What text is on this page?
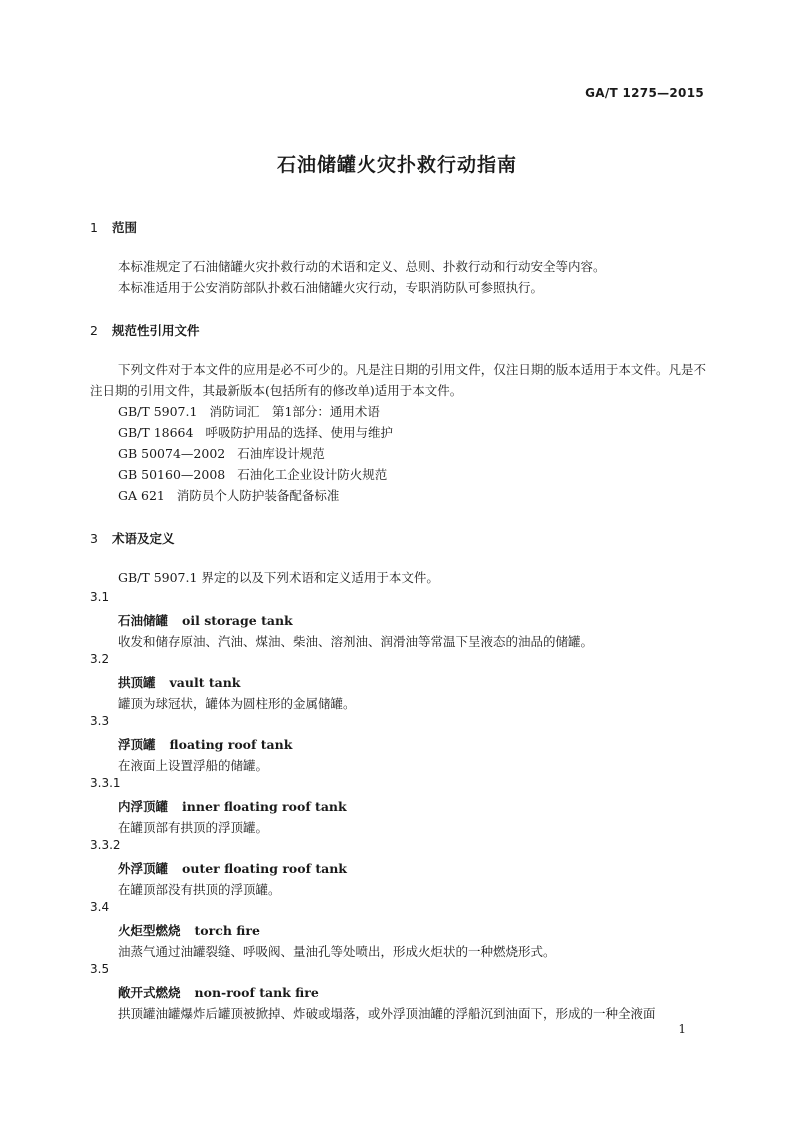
GA/T 1275—2015
石油储罐火灾扑救行动指南
1 范围
本标准规定了石油储罐火灾扑救行动的术语和定义、总则、扑救行动和行动安全等内容。
本标准适用于公安消防部队扑救石油储罐火灾行动，专职消防队可参照执行。
2 规范性引用文件
下列文件对于本文件的应用是必不可少的。凡是注日期的引用文件，仅注日期的版本适用于本文件。凡是不注日期的引用文件，其最新版本(包括所有的修改单)适用于本文件。
GB/T 5907.1 消防词汇　第1部分：通用术语
GB/T 18664 呼吸防护用品的选择、使用与维护
GB 50074—2002 石油库设计规范
GB 50160—2008 石油化工企业设计防火规范
GA 621 消防员个人防护装备配备标准
3 术语及定义
GB/T 5907.1 界定的以及下列术语和定义适用于本文件。
3.1
石油储罐 oil storage tank
收发和储存原油、汽油、煤油、柴油、溶剂油、润滑油等常温下呈液态的油品的储罐。
3.2
拱顶罐 vault tank
罐顶为球冠状，罐体为圆柱形的金属储罐。
3.3
浮顶罐 floating roof tank
在液面上设置浮船的储罐。
3.3.1
内浮顶罐 inner floating roof tank
在罐顶部有拱顶的浮顶罐。
3.3.2
外浮顶罐 outer floating roof tank
在罐顶部没有拱顶的浮顶罐。
3.4
火炬型燃烧 torch fire
油蒸气通过油罐裂缝、呼吸阀、量油孔等处喷出，形成火炬状的一种燃烧形式。
3.5
敞开式燃烧 non-roof tank fire
拱顶罐油罐爆炸后罐顶被掀掉、炸破或塌落，或外浮顶油罐的浮船沉到油面下，形成的一种全液面
1
